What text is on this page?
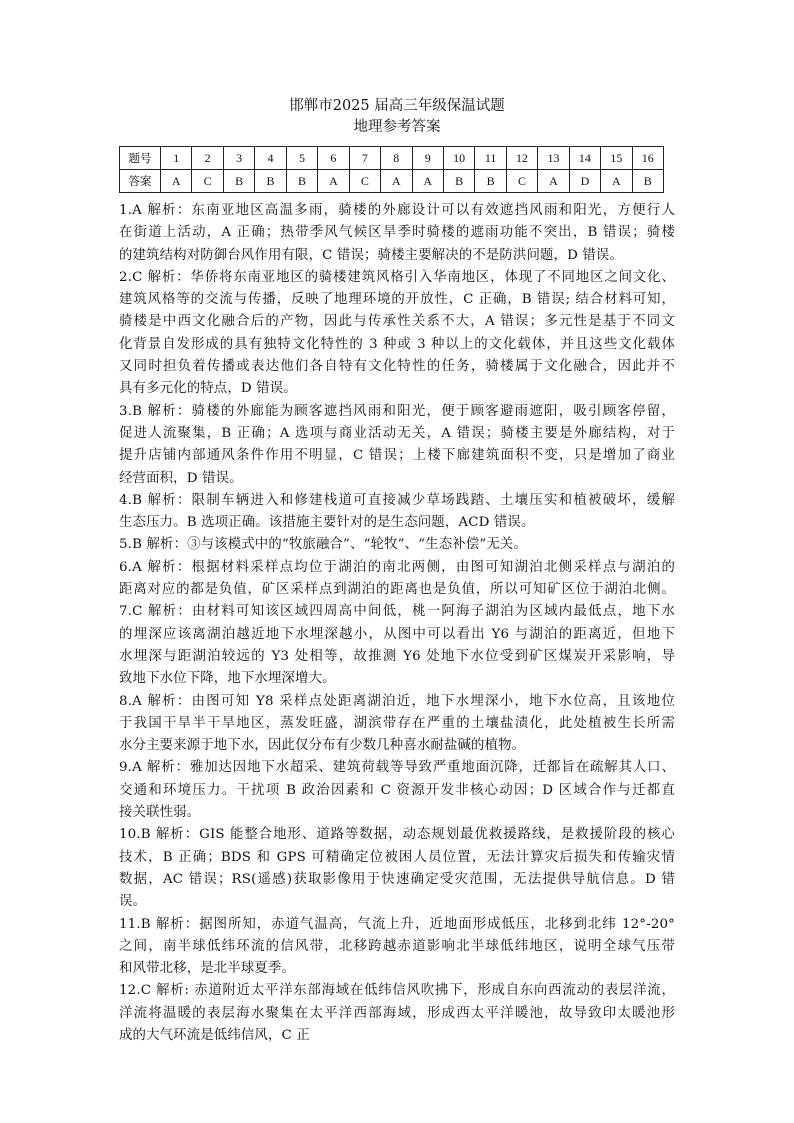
邯郸市2025 届高三年级保温试题
地理参考答案
题号	1	2	3	4	5	6	7	8	9	10	11	12	13	14	15	16
答案	A	C	B	B	B	A	C	A	A	B	B	C	A	D	A	B
1.A 解析：东南亚地区高温多雨，骑楼的外廊设计可以有效遮挡风雨和阳光，方便行人
在街道上活动，A 正确；热带季风气候区旱季时骑楼的遮雨功能不突出，B 错误；骑楼
的建筑结构对防御台风作用有限，C 错误；骑楼主要解决的不是防洪问题，D 错误。
2.C 解析：华侨将东南亚地区的骑楼建筑风格引入华南地区，体现了不同地区之间文化、
建筑风格等的交流与传播，反映了地理环境的开放性，C 正确，B 错误; 结合材料可知，
骑楼是中西文化融合后的产物，因此与传承性关系不大，A 错误；多元性是基于不同文
化背景自发形成的具有独特文化特性的 3 种或 3 种以上的文化载体，并且这些文化载体
又同时担负着传播或表达他们各自特有文化特性的任务，骑楼属于文化融合，因此并不
具有多元化的特点，D 错误。
3.B 解析：骑楼的外廊能为顾客遮挡风雨和阳光，便于顾客避雨遮阳，吸引顾客停留，
促进人流聚集，B 正确；A 选项与商业活动无关，A 错误；骑楼主要是外廊结构，对于
提升店铺内部通风条件作用不明显，C 错误；上楼下廊建筑面积不变，只是增加了商业
经营面积，D 错误。
4.B 解析：限制车辆进入和修建栈道可直接减少草场践踏、土壤压实和植被破坏，缓解
生态压力。B 选项正确。该措施主要针对的是生态问题，ACD 错误。
5.B 解析：③与该模式中的“牧旅融合”、“轮牧”、“生态补偿”无关。
6.A 解析：根据材料采样点均位于湖泊的南北两侧，由图可知湖泊北侧采样点与湖泊的
距离对应的都是负值，矿区采样点到湖泊的距离也是负值，所以可知矿区位于湖泊北侧。
7.C 解析：由材料可知该区域四周高中间低，桃一阿海子湖泊为区域内最低点，地下水
的埋深应该离湖泊越近地下水埋深越小，从图中可以看出 Y6 与湖泊的距离近，但地下
水埋深与距湖泊较远的 Y3 处相等，故推测 Y6 处地下水位受到矿区煤炭开采影响，导
致地下水位下降，地下水埋深增大。
8.A 解析：由图可知 Y8 采样点处距离湖泊近，地下水埋深小，地下水位高，且该地位
于我国干旱半干旱地区，蒸发旺盛，湖滨带存在严重的土壤盐渍化，此处植被生长所需
水分主要来源于地下水，因此仅分布有少数几种喜水耐盐碱的植物。
9.A 解析：雅加达因地下水超采、建筑荷载等导致严重地面沉降，迁都旨在疏解其人口、
交通和环境压力。干扰项 B 政治因素和 C 资源开发非核心动因；D 区域合作与迁都直
接关联性弱。
10.B 解析：GIS 能整合地形、道路等数据，动态规划最优救援路线，是救援阶段的核心
技术，B 正确；BDS 和 GPS 可精确定位被困人员位置，无法计算灾后损失和传输灾情
数据，AC 错误；RS(遥感)获取影像用于快速确定受灾范围，无法提供导航信息。D 错
误。
11.B 解析：据图所知，赤道气温高，气流上升，近地面形成低压，北移到北纬 12°-20°
之间，南半球低纬环流的信风带，北移跨越赤道影响北半球低纬地区，说明全球气压带
和风带北移，是北半球夏季。
12.C 解析: 赤道附近太平洋东部海域在低纬信风吹拂下，形成自东向西流动的表层洋流，
洋流将温暖的表层海水聚集在太平洋西部海域，形成西太平洋暖池，故导致印太暖池形
成的大气环流是低纬信风，C 正
